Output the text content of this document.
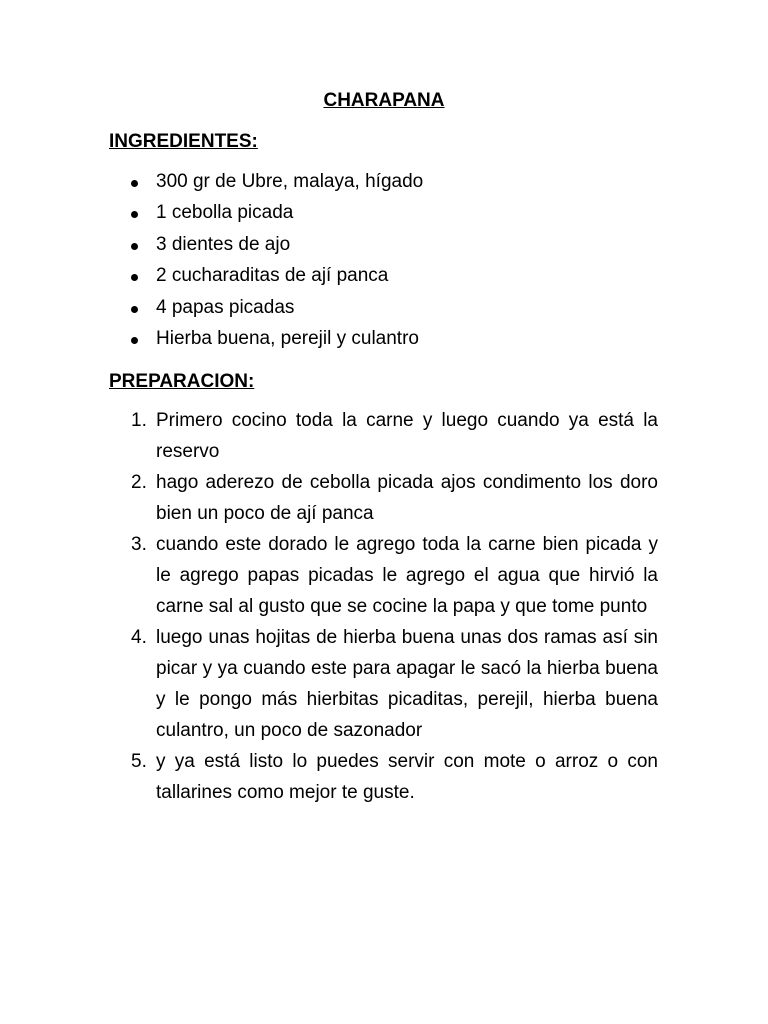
CHARAPANA
INGREDIENTES:
300 gr de Ubre, malaya, hígado
1 cebolla picada
3 dientes de ajo
2 cucharaditas de ají panca
4 papas picadas
Hierba buena, perejil y culantro
PREPARACION:
1. Primero cocino toda la carne y luego cuando ya está la reservo
2. hago aderezo de cebolla picada ajos condimento los doro bien un poco de ají panca
3. cuando este dorado le agrego toda la carne bien picada y le agrego papas picadas le agrego el agua que hirvió la carne sal al gusto que se cocine la papa y que tome punto
4. luego unas hojitas de hierba buena unas dos ramas así sin picar y ya cuando este para apagar le sacó la hierba buena y le pongo más hierbitas picaditas, perejil, hierba buena culantro, un poco de sazonador
5. y ya está listo lo puedes servir con mote o arroz o con tallarines como mejor te guste.
